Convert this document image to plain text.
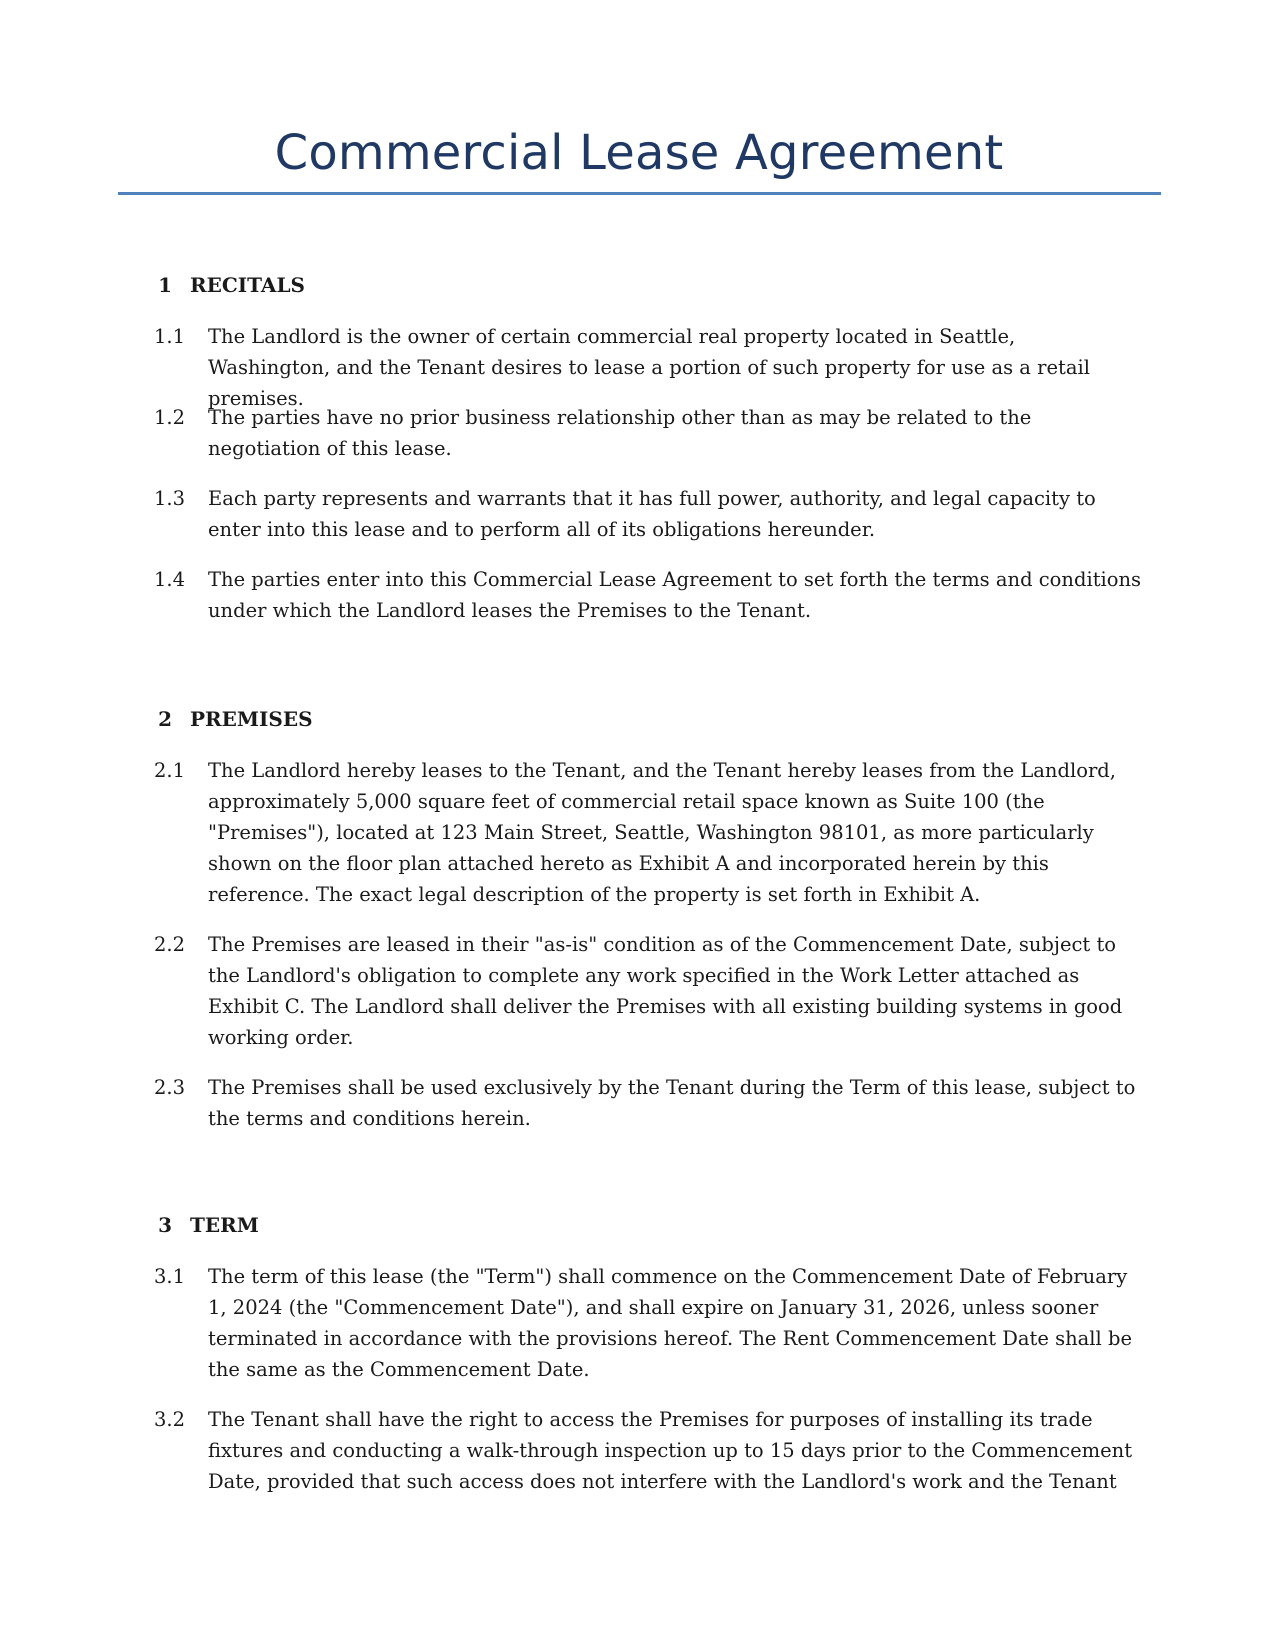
Commercial Lease Agreement
1 RECITALS
1.1	The Landlord is the owner of certain commercial real property located in Seattle, Washington, and the Tenant desires to lease a portion of such property for use as a retail premises.
1.2	The parties have no prior business relationship other than as may be related to the negotiation of this lease.
1.3	Each party represents and warrants that it has full power, authority, and legal capacity to enter into this lease and to perform all of its obligations hereunder.
1.4	The parties enter into this Commercial Lease Agreement to set forth the terms and conditions under which the Landlord leases the Premises to the Tenant.
2 PREMISES
2.1	The Landlord hereby leases to the Tenant, and the Tenant hereby leases from the Landlord, approximately 5,000 square feet of commercial retail space known as Suite 100 (the "Premises"), located at 123 Main Street, Seattle, Washington 98101, as more particularly shown on the floor plan attached hereto as Exhibit A and incorporated herein by this reference. The exact legal description of the property is set forth in Exhibit A.
2.2	The Premises are leased in their "as-is" condition as of the Commencement Date, subject to the Landlord's obligation to complete any work specified in the Work Letter attached as Exhibit C. The Landlord shall deliver the Premises with all existing building systems in good working order.
2.3	The Premises shall be used exclusively by the Tenant during the Term of this lease, subject to the terms and conditions herein.
3 TERM
3.1	The term of this lease (the "Term") shall commence on the Commencement Date of February 1, 2024 (the "Commencement Date"), and shall expire on January 31, 2026, unless sooner terminated in accordance with the provisions hereof. The Rent Commencement Date shall be the same as the Commencement Date.
3.2	The Tenant shall have the right to access the Premises for purposes of installing its trade fixtures and conducting a walk-through inspection up to 15 days prior to the Commencement Date, provided that such access does not interfere with the Landlord's work and the Tenant
